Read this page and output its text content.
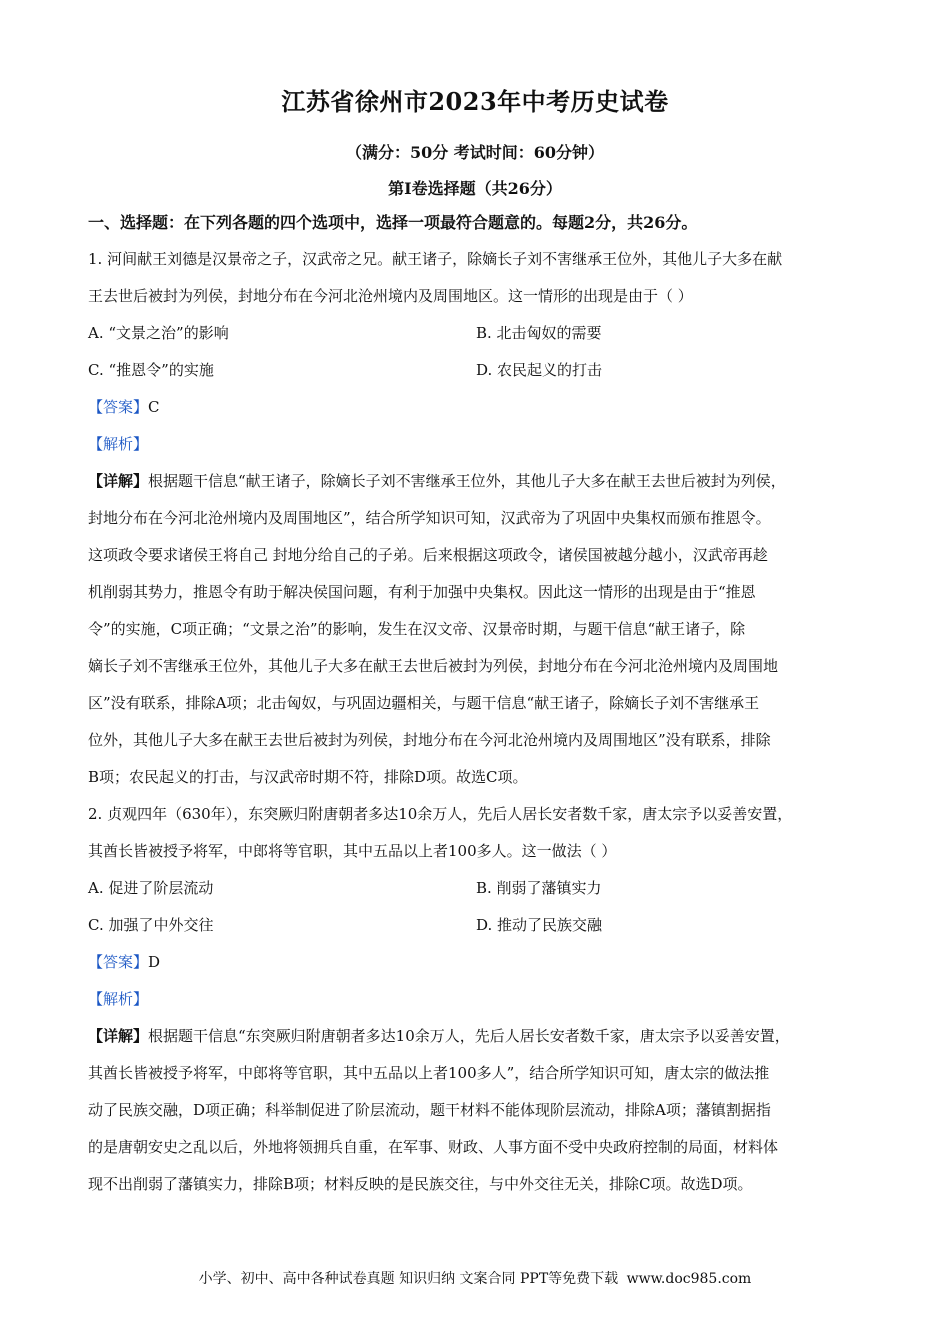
江苏省徐州市2023年中考历史试卷
（满分：50分 考试时间：60分钟）
第Ⅰ卷选择题（共26分）

一、选择题：在下列各题的四个选项中，选择一项最符合题意的。每题2分，共26分。

1. 河间献王刘德是汉景帝之子，汉武帝之兄。献王诸子，除嫡长子刘不害继承王位外，其他儿子大多在献

王去世后被封为列侯，封地分布在今河北沧州境内及周围地区。这一情形的出现是由于（ ）

A. “文景之治”的影响	B. 北击匈奴的需要
C. “推恩令”的实施	D. 农民起义的打击

【答案】C

【解析】

【详解】根据题干信息“献王诸子，除嫡长子刘不害继承王位外，其他儿子大多在献王去世后被封为列侯，

封地分布在今河北沧州境内及周围地区”，结合所学知识可知，汉武帝为了巩固中央集权而颁布推恩令。

这项政令要求诸侯王将自己 封地分给自己的子弟。后来根据这项政令，诸侯国被越分越小，汉武帝再趁

机削弱其势力，推恩令有助于解决侯国问题，有利于加强中央集权。因此这一情形的出现是由于“推恩

令”的实施，C项正确；“文景之治”的影响，发生在汉文帝、汉景帝时期，与题干信息“献王诸子，除

嫡长子刘不害继承王位外，其他儿子大多在献王去世后被封为列侯，封地分布在今河北沧州境内及周围地

区”没有联系，排除A项；北击匈奴，与巩固边疆相关，与题干信息“献王诸子，除嫡长子刘不害继承王

位外，其他儿子大多在献王去世后被封为列侯，封地分布在今河北沧州境内及周围地区”没有联系，排除

B项；农民起义的打击，与汉武帝时期不符，排除D项。故选C项。

2. 贞观四年（630年），东突厥归附唐朝者多达10余万人，先后人居长安者数千家，唐太宗予以妥善安置，

其酋长皆被授予将军，中郎将等官职，其中五品以上者100多人。这一做法（ ）

A. 促进了阶层流动	B. 削弱了藩镇实力
C. 加强了中外交往	D. 推动了民族交融

【答案】D

【解析】

【详解】根据题干信息“东突厥归附唐朝者多达10余万人，先后人居长安者数千家，唐太宗予以妥善安置，

其酋长皆被授予将军，中郎将等官职，其中五品以上者100多人”，结合所学知识可知，唐太宗的做法推

动了民族交融，D项正确；科举制促进了阶层流动，题干材料不能体现阶层流动，排除A项；藩镇割据指

的是唐朝安史之乱以后，外地将领拥兵自重，在军事、财政、人事方面不受中央政府控制的局面，材料体

现不出削弱了藩镇实力，排除B项；材料反映的是民族交往，与中外交往无关，排除C项。故选D项。

小学、初中、高中各种试卷真题 知识归纳 文案合同 PPT等免费下载 www.doc985.com
